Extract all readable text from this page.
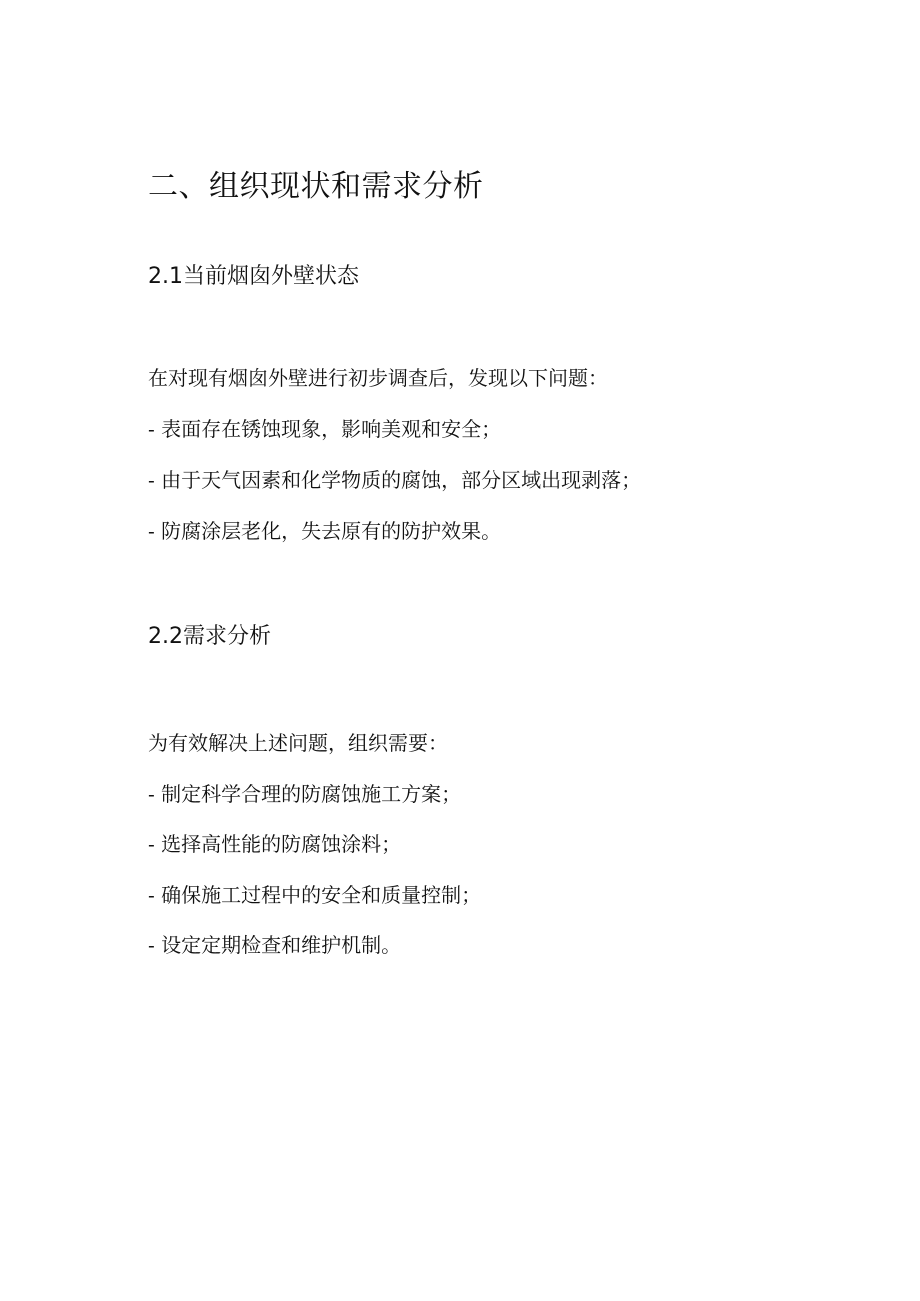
二、组织现状和需求分析
2.1当前烟囱外壁状态
在对现有烟囱外壁进行初步调查后，发现以下问题：
- 表面存在锈蚀现象，影响美观和安全；
- 由于天气因素和化学物质的腐蚀，部分区域出现剥落；
- 防腐涂层老化，失去原有的防护效果。
2.2需求分析
为有效解决上述问题，组织需要：
- 制定科学合理的防腐蚀施工方案；
- 选择高性能的防腐蚀涂料；
- 确保施工过程中的安全和质量控制；
- 设定定期检查和维护机制。
